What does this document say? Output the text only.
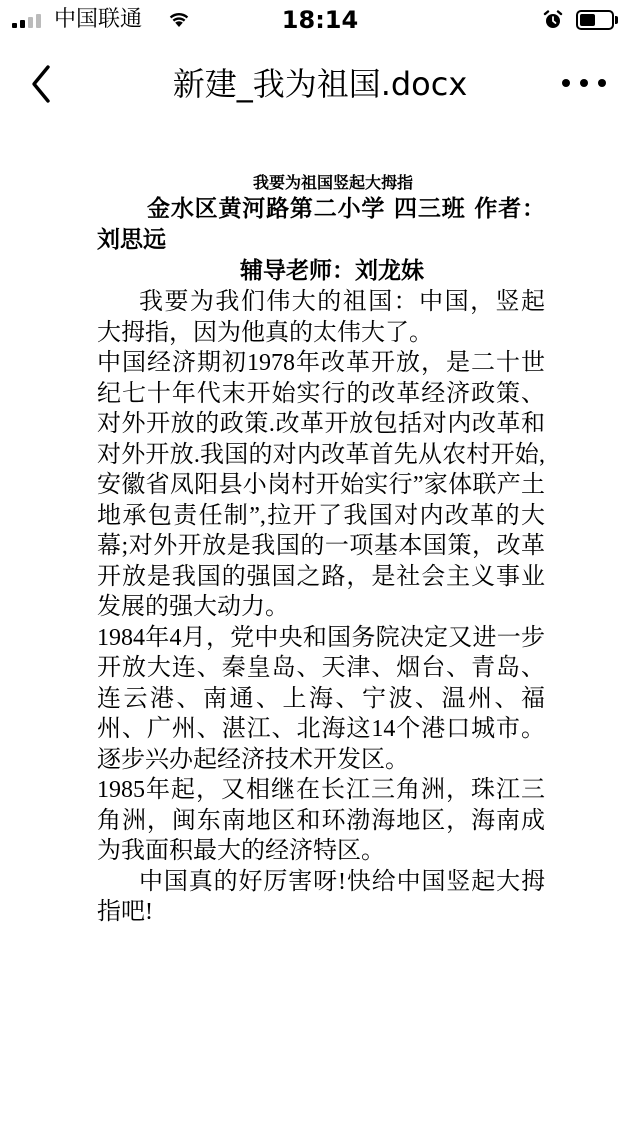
中国联通	18:14
新建_我为祖国.docx
我要为祖国竖起大拇指
金水区黄河路第二小学 四三班 作者：刘思远
辅导老师：刘龙妹

我要为我们伟大的祖国：中国，竖起大拇指，因为他真的太伟大了。

中国经济期初1978年改革开放，是二十世纪七十年代末开始实行的改革经济政策、对外开放的政策.改革开放包括对内改革和对外开放.我国的对内改革首先从农村开始,安徽省凤阳县小岗村开始实行”家体联产土地承包责任制”,拉开了我国对内改革的大幕;对外开放是我国的一项基本国策，改革开放是我国的强国之路，是社会主义事业发展的强大动力。

1984年4月，党中央和国务院决定又进一步开放大连、秦皇岛、天津、烟台、青岛、连云港、南通、上海、宁波、温州、福州、广州、湛江、北海这14个港口城市。逐步兴办起经济技术开发区。

1985年起，又相继在长江三角洲，珠江三角洲，闽东南地区和环渤海地区，海南成为我面积最大的经济特区。

中国真的好厉害呀!快给中国竖起大拇指吧!
